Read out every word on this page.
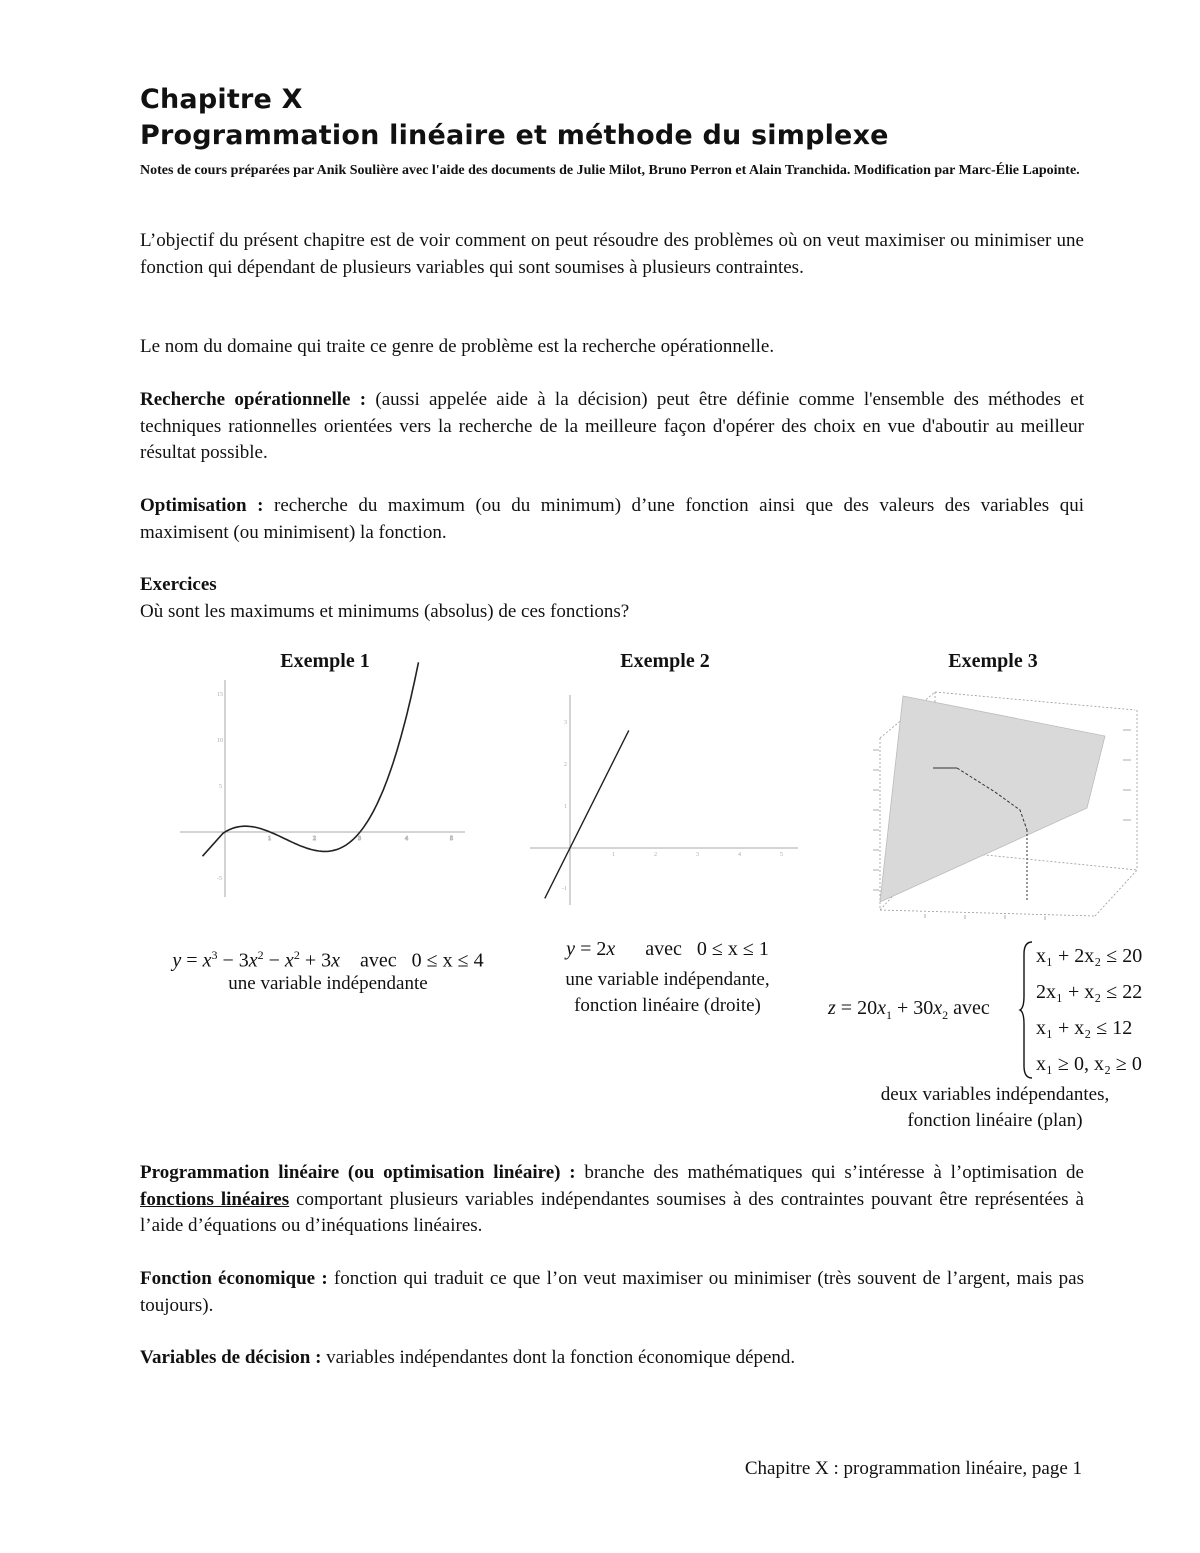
Chapitre X
Programmation linéaire et méthode du simplexe
Notes de cours préparées par Anik Soulière avec l'aide des documents de Julie Milot, Bruno Perron et Alain Tranchida. Modification par Marc-Élie Lapointe.
L’objectif du présent chapitre est de voir comment on peut résoudre des problèmes où on veut maximiser ou minimiser une fonction qui dépendant de plusieurs variables qui sont soumises à plusieurs contraintes.
Le nom du domaine qui traite ce genre de problème est la recherche opérationnelle.
Recherche opérationnelle : (aussi appelée aide à la décision) peut être définie comme l'ensemble des méthodes et techniques rationnelles orientées vers la recherche de la meilleure façon d'opérer des choix en vue d'aboutir au meilleur résultat possible.
Optimisation : recherche du maximum (ou du minimum) d’une fonction ainsi que des valeurs des variables qui maximisent (ou minimisent) la fonction.
Exercices
Où sont les maximums et minimums (absolus) de ces fonctions?
Exemple 1	Exemple 2	Exemple 3
1	2	3	4	5
15
10
5
-5
1	2	3	4	5
3
2
1
-1
$y = x^3 - 3x^2 - x^2 + 3x$ avec 0 ≤ x ≤ 4
une variable indépendante
y = 2x avec 0 ≤ x ≤ 1
une variable indépendante,
fonction linéaire (droite)	$z = 20x_1 + 30x_2$ avec
x₁ + 2x₂ ≤ 20
2x₁ + x₂ ≤ 22
x₁ + x₂ ≤ 12
x₁ ≥ 0, x₂ ≥ 0
deux variables indépendantes,
fonction linéaire (plan)
Programmation linéaire (ou optimisation linéaire) : branche des mathématiques qui s’intéresse à l’optimisation de fonctions linéaires comportant plusieurs variables indépendantes soumises à des contraintes pouvant être représentées à l’aide d’équations ou d’inéquations linéaires.
Fonction économique : fonction qui traduit ce que l’on veut maximiser ou minimiser (très souvent de l’argent, mais pas toujours).
Variables de décision : variables indépendantes dont la fonction économique dépend.
Chapitre X : programmation linéaire, page 1
